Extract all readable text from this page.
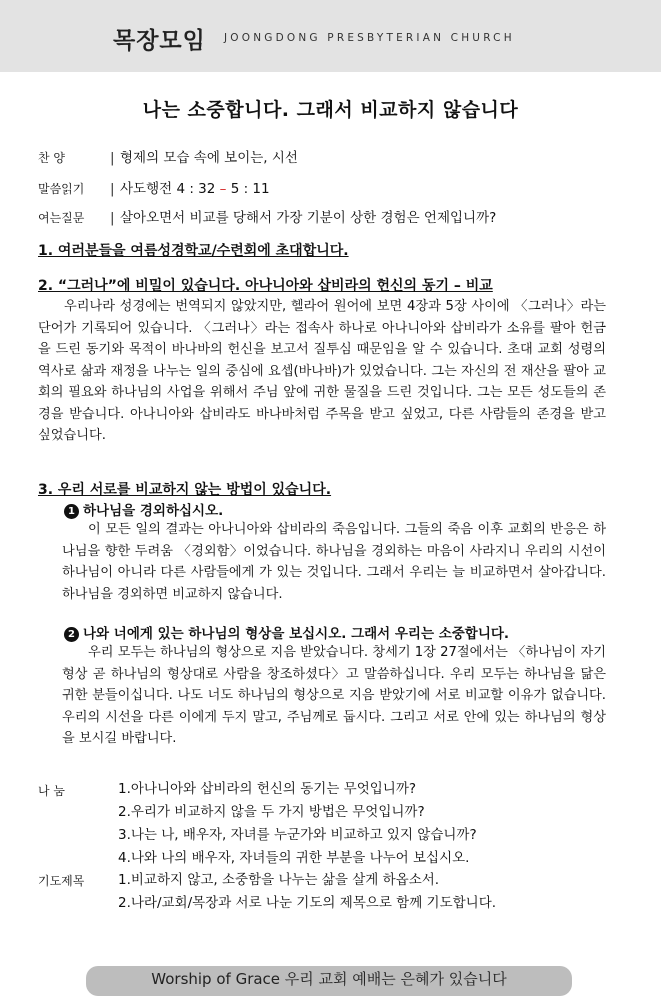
목장모임 JOONGDONG PRESBYTERIAN CHURCH
나는 소중합니다. 그래서 비교하지 않습니다
찬 양	| 형제의 모습 속에 보이는, 시선
말씀읽기 | 사도행전 4 : 32 – 5 : 11
여는질문 | 살아오면서 비교를 당해서 가장 기분이 상한 경험은 언제입니까?
1. 여러분들을 여름성경학교/수련회에 초대합니다.
2. “그러나”에 비밀이 있습니다. 아나니아와 삽비라의 헌신의 동기 – 비교
우리나라 성경에는 번역되지 않았지만, 헬라어 원어에 보면 4장과 5장 사이에 〈그러나〉라는 단어가 기록되어 있습니다. 〈그러나〉라는 접속사 하나로 아나니아와 삽비라가 소유를 팔아 헌금을 드린 동기와 목적이 바나바의 헌신을 보고서 질투심 때문임을 알 수 있습니다. 초대 교회 성령의 역사로 삶과 재정을 나누는 일의 중심에 요셉(바나바)가 있었습니다. 그는 자신의 전 재산을 팔아 교회의 필요와 하나님의 사업을 위해서 주님 앞에 귀한 물질을 드린 것입니다. 그는 모든 성도들의 존경을 받습니다. 아나니아와 삽비라도 바나바처럼 주목을 받고 싶었고, 다른 사람들의 존경을 받고 싶었습니다.
3. 우리 서로를 비교하지 않는 방법이 있습니다.
1 하나님을 경외하십시오.
이 모든 일의 결과는 아나니아와 삽비라의 죽음입니다. 그들의 죽음 이후 교회의 반응은 하나님을 향한 두려움 〈경외함〉이었습니다. 하나님을 경외하는 마음이 사라지니 우리의 시선이 하나님이 아니라 다른 사람들에게 가 있는 것입니다. 그래서 우리는 늘 비교하면서 살아갑니다. 하나님을 경외하면 비교하지 않습니다.
2 나와 너에게 있는 하나님의 형상을 보십시오. 그래서 우리는 소중합니다.
우리 모두는 하나님의 형상으로 지음 받았습니다. 창세기 1장 27절에서는 〈하나님이 자기 형상 곧 하나님의 형상대로 사람을 창조하셨다〉고 말씀하십니다. 우리 모두는 하나님을 닮은 귀한 분들이십니다. 나도 너도 하나님의 형상으로 지음 받았기에 서로 비교할 이유가 없습니다. 우리의 시선을 다른 이에게 두지 말고, 주님께로 둡시다. 그리고 서로 안에 있는 하나님의 형상을 보시길 바랍니다.
나 눔	1.아나니아와 삽비라의 헌신의 동기는 무엇입니까?
2.우리가 비교하지 않을 두 가지 방법은 무엇입니까?
3.나는 나, 배우자, 자녀를 누군가와 비교하고 있지 않습니까?
4.나와 나의 배우자, 자녀들의 귀한 부분을 나누어 보십시오.
기도제목 1.비교하지 않고, 소중함을 나누는 삶을 살게 하옵소서.
2.나라/교회/목장과 서로 나눈 기도의 제목으로 함께 기도합니다.
Worship of Grace 우리 교회 예배는 은혜가 있습니다
